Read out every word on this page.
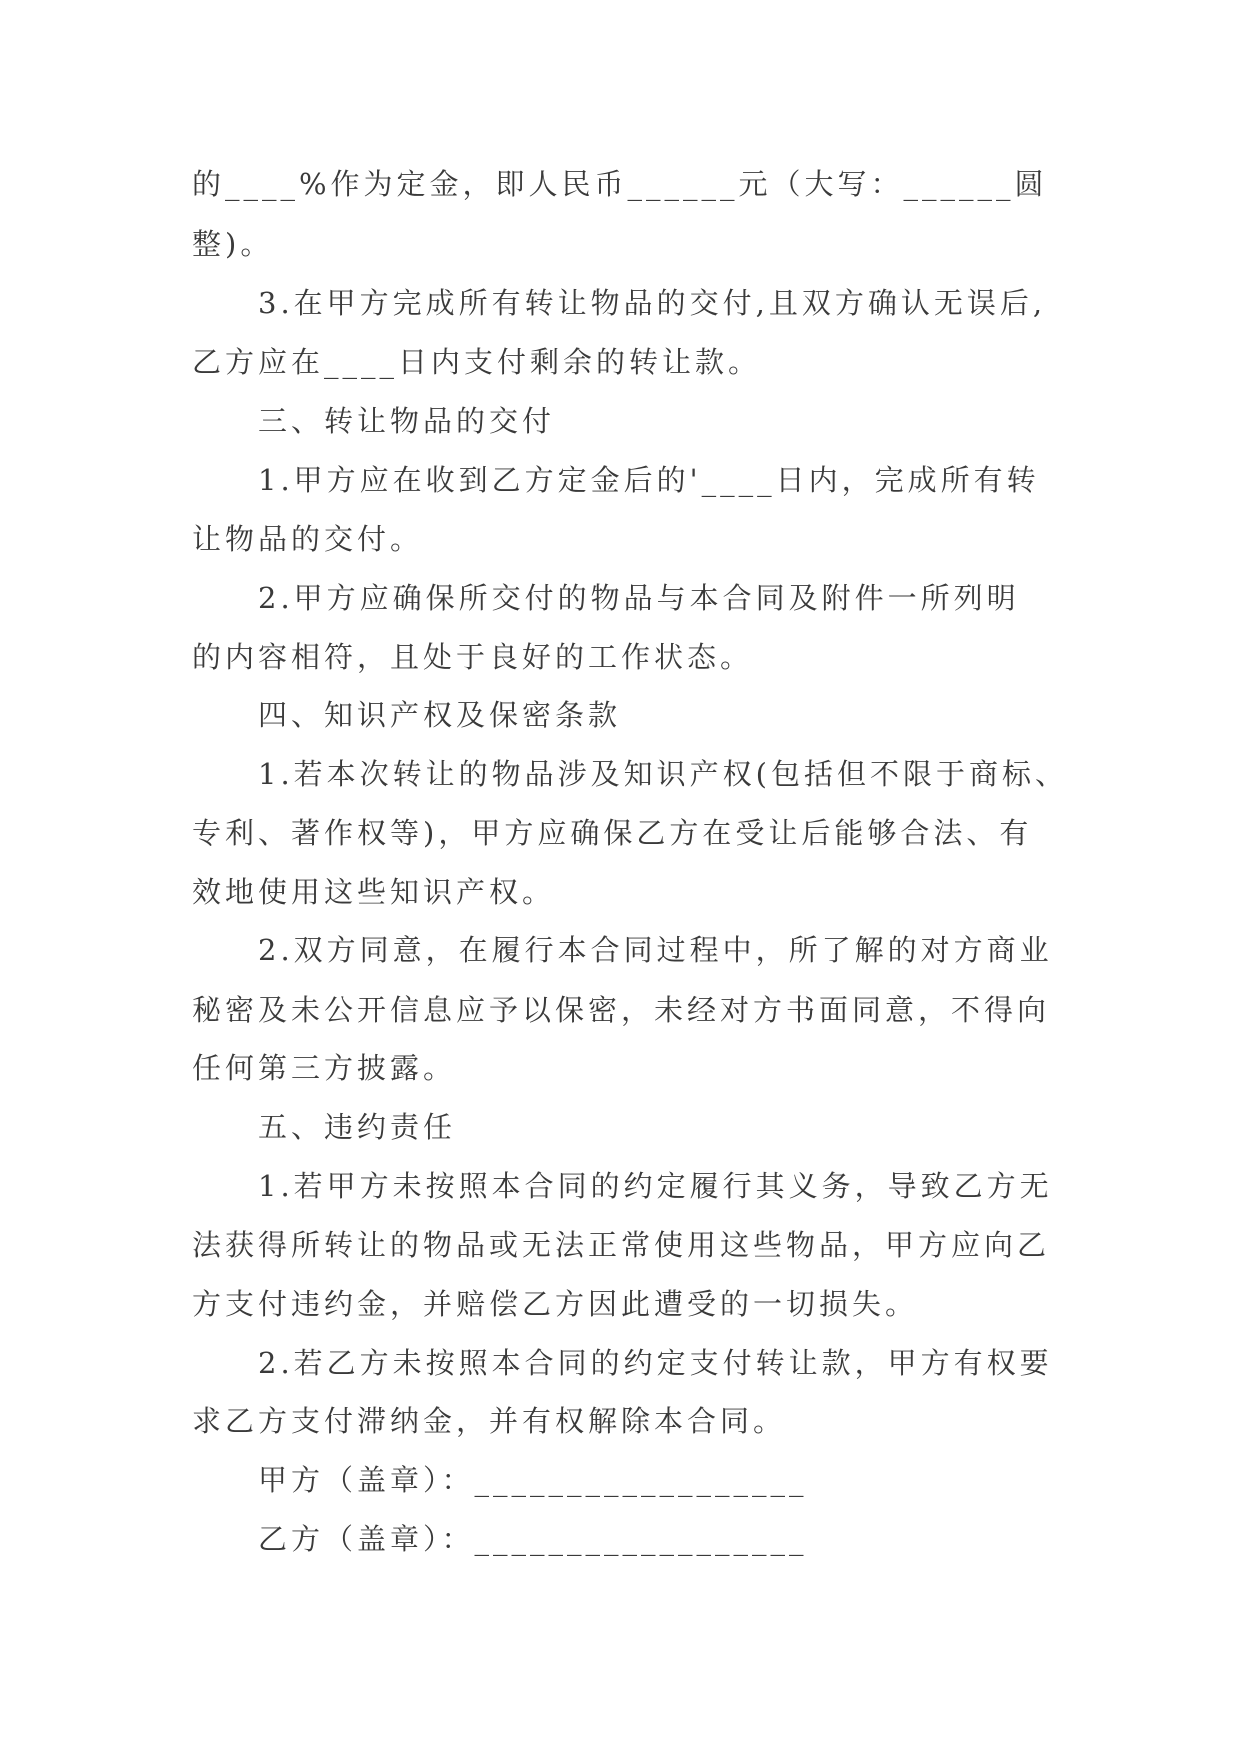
的____%作为定金，即人民币______元（大写：______圆
整)。
3.在甲方完成所有转让物品的交付,且双方确认无误后,
乙方应在____日内支付剩余的转让款。
三、转让物品的交付
1.甲方应在收到乙方定金后的'____日内，完成所有转
让物品的交付。
2.甲方应确保所交付的物品与本合同及附件一所列明
的内容相符，且处于良好的工作状态。
四、知识产权及保密条款
1.若本次转让的物品涉及知识产权(包括但不限于商标、
专利、著作权等)，甲方应确保乙方在受让后能够合法、有
效地使用这些知识产权。
2.双方同意，在履行本合同过程中，所了解的对方商业
秘密及未公开信息应予以保密，未经对方书面同意，不得向
任何第三方披露。
五、违约责任
1.若甲方未按照本合同的约定履行其义务，导致乙方无
法获得所转让的物品或无法正常使用这些物品，甲方应向乙
方支付违约金，并赔偿乙方因此遭受的一切损失。
2.若乙方未按照本合同的约定支付转让款，甲方有权要
求乙方支付滞纳金，并有权解除本合同。
甲方（盖章）：__________________
乙方（盖章）：__________________
